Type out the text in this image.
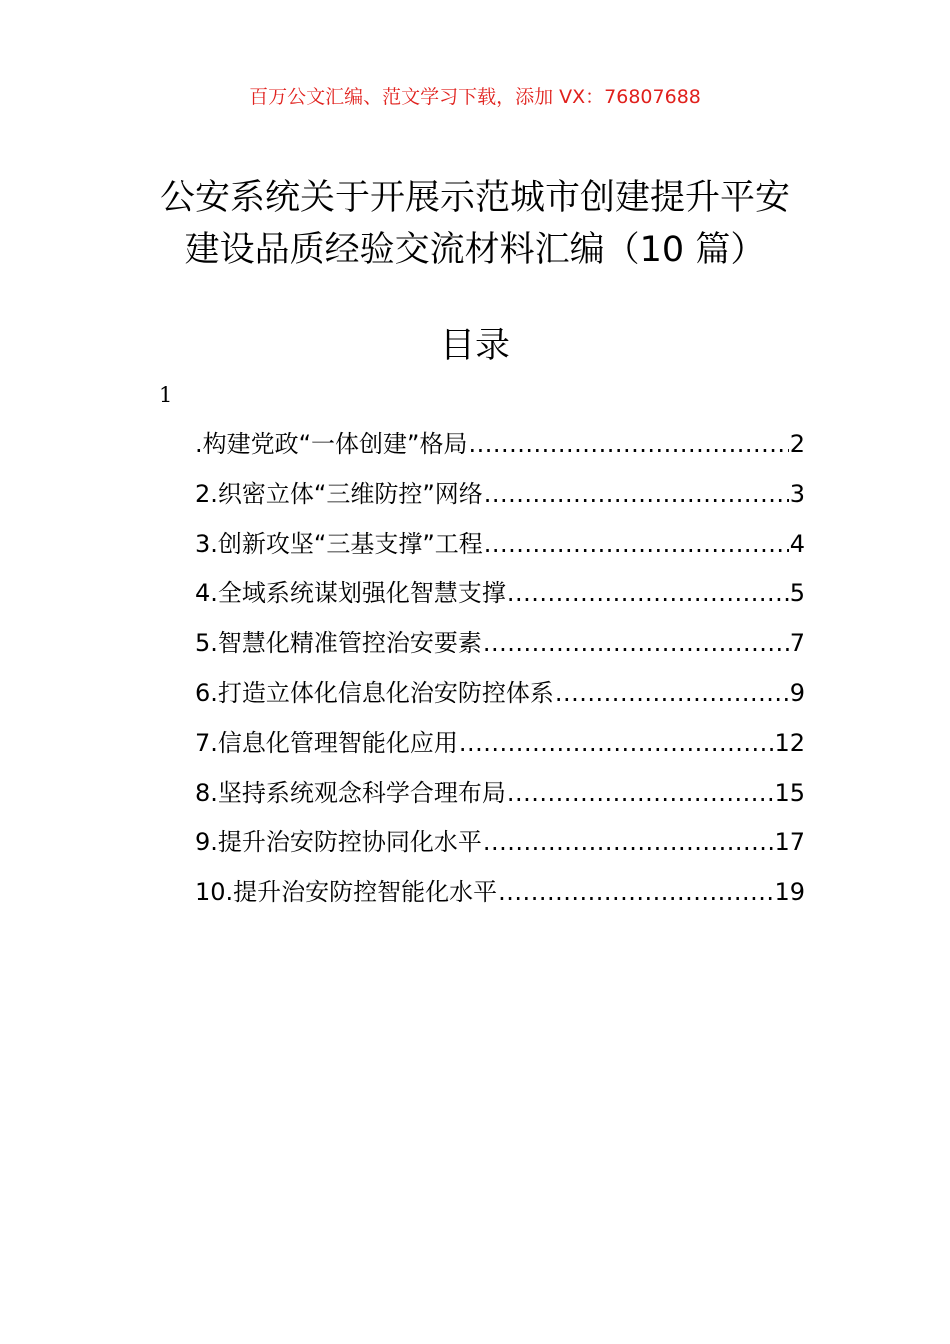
百万公文汇编、范文学习下载，添加 VX：76807688
公安系统关于开展示范城市创建提升平安
建设品质经验交流材料汇编（10 篇）
目录
1
.构建党政“一体创建”格局 .....	2
2.织密立体“三维防控”网络 .....	3
3.创新攻坚“三基支撑”工程 .....	4
4.全域系统谋划强化智慧支撑 .....	5
5.智慧化精准管控治安要素 .....	7
6.打造立体化信息化治安防控体系 .....	9
7.信息化管理智能化应用 .....	12
8.坚持系统观念科学合理布局 .....	15
9.提升治安防控协同化水平 .....	17
10.提升治安防控智能化水平 .....	19
